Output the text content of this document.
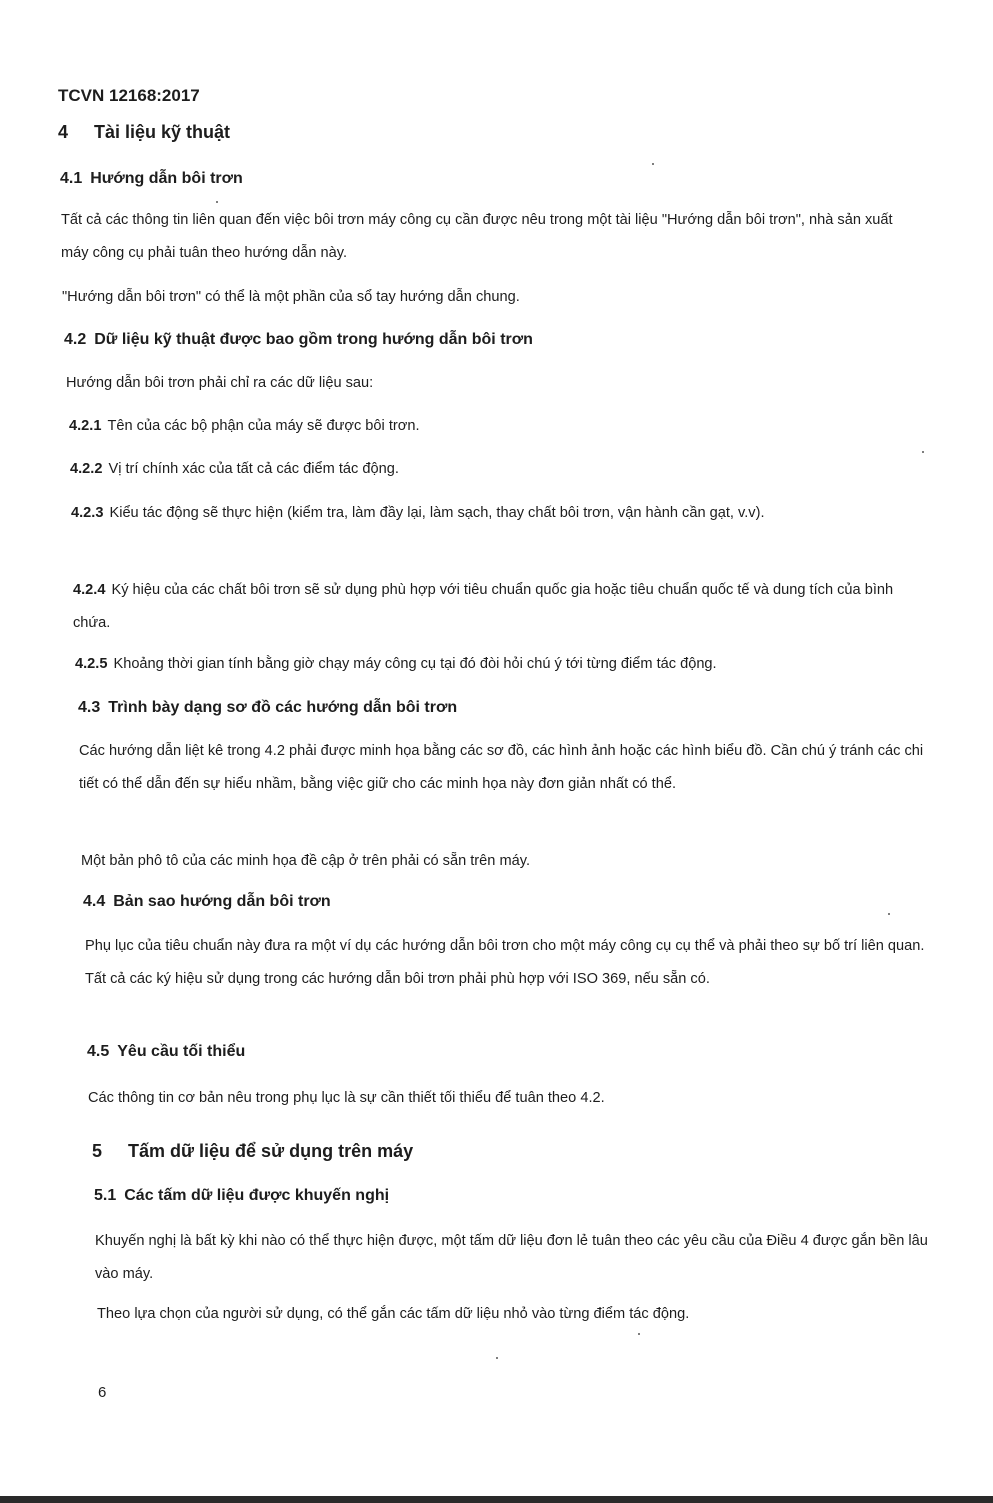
TCVN 12168:2017
4 Tài liệu kỹ thuật
4.1 Hướng dẫn bôi trơn

Tất cả các thông tin liên quan đến việc bôi trơn máy công cụ cần được nêu trong một tài liệu "Hướng dẫn bôi trơn", nhà sản xuất máy công cụ phải tuân theo hướng dẫn này.

"Hướng dẫn bôi trơn" có thể là một phần của sổ tay hướng dẫn chung.

4.2 Dữ liệu kỹ thuật được bao gồm trong hướng dẫn bôi trơn

Hướng dẫn bôi trơn phải chỉ ra các dữ liệu sau:

4.2.1 Tên của các bộ phận của máy sẽ được bôi trơn.

4.2.2 Vị trí chính xác của tất cả các điểm tác động.

4.2.3 Kiểu tác động sẽ thực hiện (kiểm tra, làm đầy lại, làm sạch, thay chất bôi trơn, vận hành cần gạt, v.v).

4.2.4 Ký hiệu của các chất bôi trơn sẽ sử dụng phù hợp với tiêu chuẩn quốc gia hoặc tiêu chuẩn quốc tế và dung tích của bình chứa.

4.2.5 Khoảng thời gian tính bằng giờ chạy máy công cụ tại đó đòi hỏi chú ý tới từng điểm tác động.

4.3 Trình bày dạng sơ đồ các hướng dẫn bôi trơn

Các hướng dẫn liệt kê trong 4.2 phải được minh họa bằng các sơ đồ, các hình ảnh hoặc các hình biểu đồ. Cần chú ý tránh các chi tiết có thể dẫn đến sự hiểu nhầm, bằng việc giữ cho các minh họa này đơn giản nhất có thể.

Một bản phô tô của các minh họa đề cập ở trên phải có sẵn trên máy.

4.4 Bản sao hướng dẫn bôi trơn

Phụ lục của tiêu chuẩn này đưa ra một ví dụ các hướng dẫn bôi trơn cho một máy công cụ cụ thể và phải theo sự bố trí liên quan. Tất cả các ký hiệu sử dụng trong các hướng dẫn bôi trơn phải phù hợp với ISO 369, nếu sẵn có.

4.5 Yêu cầu tối thiểu

Các thông tin cơ bản nêu trong phụ lục là sự cần thiết tối thiểu để tuân theo 4.2.

5 Tấm dữ liệu để sử dụng trên máy
5.1 Các tấm dữ liệu được khuyến nghị

Khuyến nghị là bất kỳ khi nào có thể thực hiện được, một tấm dữ liệu đơn lẻ tuân theo các yêu cầu của Điều 4 được gắn bền lâu vào máy.

Theo lựa chọn của người sử dụng, có thể gắn các tấm dữ liệu nhỏ vào từng điểm tác động.

6
